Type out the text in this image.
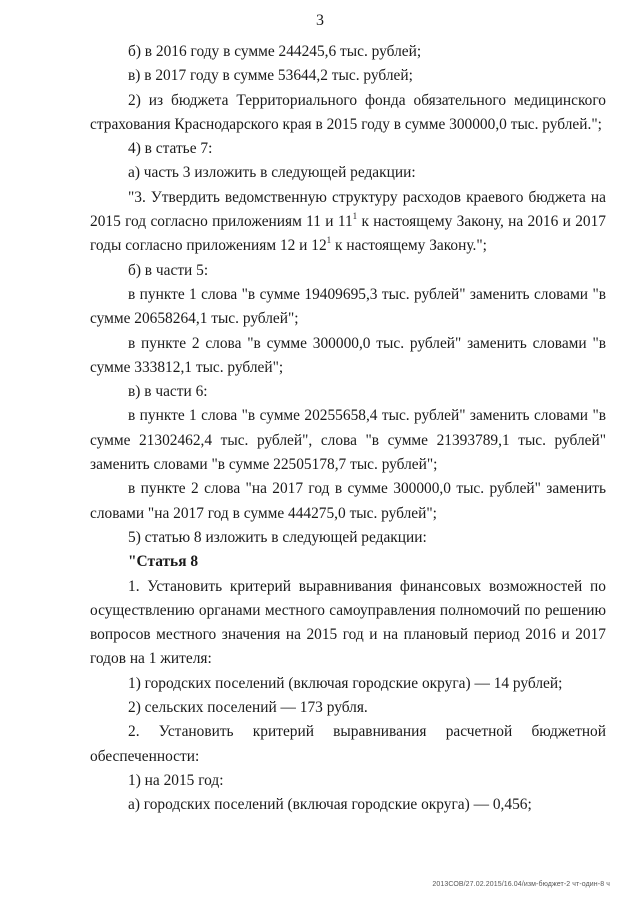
3

б) в 2016 году в сумме 244245,6 тыс. рублей;

в) в 2017 году в сумме 53644,2 тыс. рублей;

2) из бюджета Территориального фонда обязательного медицинского страхования Краснодарского края в 2015 году в сумме 300000,0 тыс. рублей.";

4) в статье 7:

а) часть 3 изложить в следующей редакции:

"3. Утвердить ведомственную структуру расходов краевого бюджета на 2015 год согласно приложениям 11 и $11^1$ к настоящему Закону, на 2016 и 2017 годы согласно приложениям 12 и $12^1$ к настоящему Закону.";

б) в части 5:

в пункте 1 слова "в сумме 19409695,3 тыс. рублей" заменить словами "в сумме 20658264,1 тыс. рублей";

в пункте 2 слова "в сумме 300000,0 тыс. рублей" заменить словами "в сумме 333812,1 тыс. рублей";

в) в части 6:

в пункте 1 слова "в сумме 20255658,4 тыс. рублей" заменить словами "в сумме 21302462,4 тыс. рублей", слова "в сумме 21393789,1 тыс. рублей" заменить словами "в сумме 22505178,7 тыс. рублей";

в пункте 2 слова "на 2017 год в сумме 300000,0 тыс. рублей" заменить словами "на 2017 год в сумме 444275,0 тыс. рублей";

5) статью 8 изложить в следующей редакции:

"Статья 8

1. Установить критерий выравнивания финансовых возможностей по осуществлению органами местного самоуправления полномочий по решению вопросов местного значения на 2015 год и на плановый период 2016 и 2017 годов на 1 жителя:

1) городских поселений (включая городские округа) — 14 рублей;

2) сельских поселений — 173 рубля.

2. Установить критерий выравнивания расчетной бюджетной обеспеченности:

1) на 2015 год:

а) городских поселений (включая городские округа) — 0,456;

2013СОВ/27.02.2015/16.04/изм-бюджет-2 чт-один-8 ч
